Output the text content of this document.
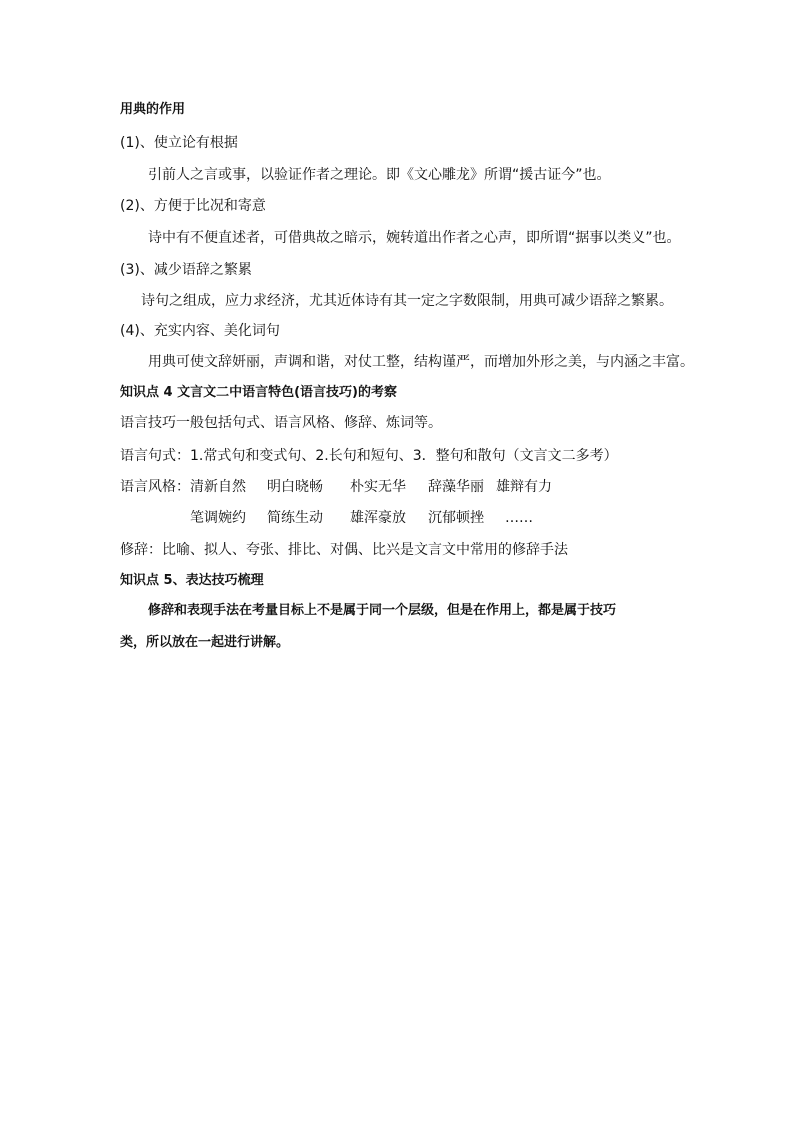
用典的作用
(1)、使立论有根据
引前人之言或事，以验证作者之理论。即《文心雕龙》所谓“援古证今”也。
(2)、方便于比况和寄意
诗中有不便直述者，可借典故之暗示，婉转道出作者之心声，即所谓“据事以类义”也。
(3)、减少语辞之繁累
诗句之组成，应力求经济，尤其近体诗有其一定之字数限制，用典可减少语辞之繁累。
(4)、充实内容、美化词句
用典可使文辞妍丽，声调和谐，对仗工整，结构谨严，而增加外形之美，与内涵之丰富。
知识点 4 文言文二中语言特色(语言技巧)的考察
语言技巧一般包括句式、语言风格、修辞、炼词等。
语言句式：1.常式句和变式句、2.长句和短句、3．整句和散句（文言文二多考）
语言风格： 清新自然 明白晓畅 朴实无华 辞藻华丽 雄辩有力
笔调婉约 简练生动 雄浑豪放 沉郁顿挫 ……
修辞：比喻、拟人、夸张、排比、对偶、比兴是文言文中常用的修辞手法
知识点 5、表达技巧梳理
修辞和表现手法在考量目标上不是属于同一个层级，但是在作用上，都是属于技巧
类，所以放在一起进行讲解。
